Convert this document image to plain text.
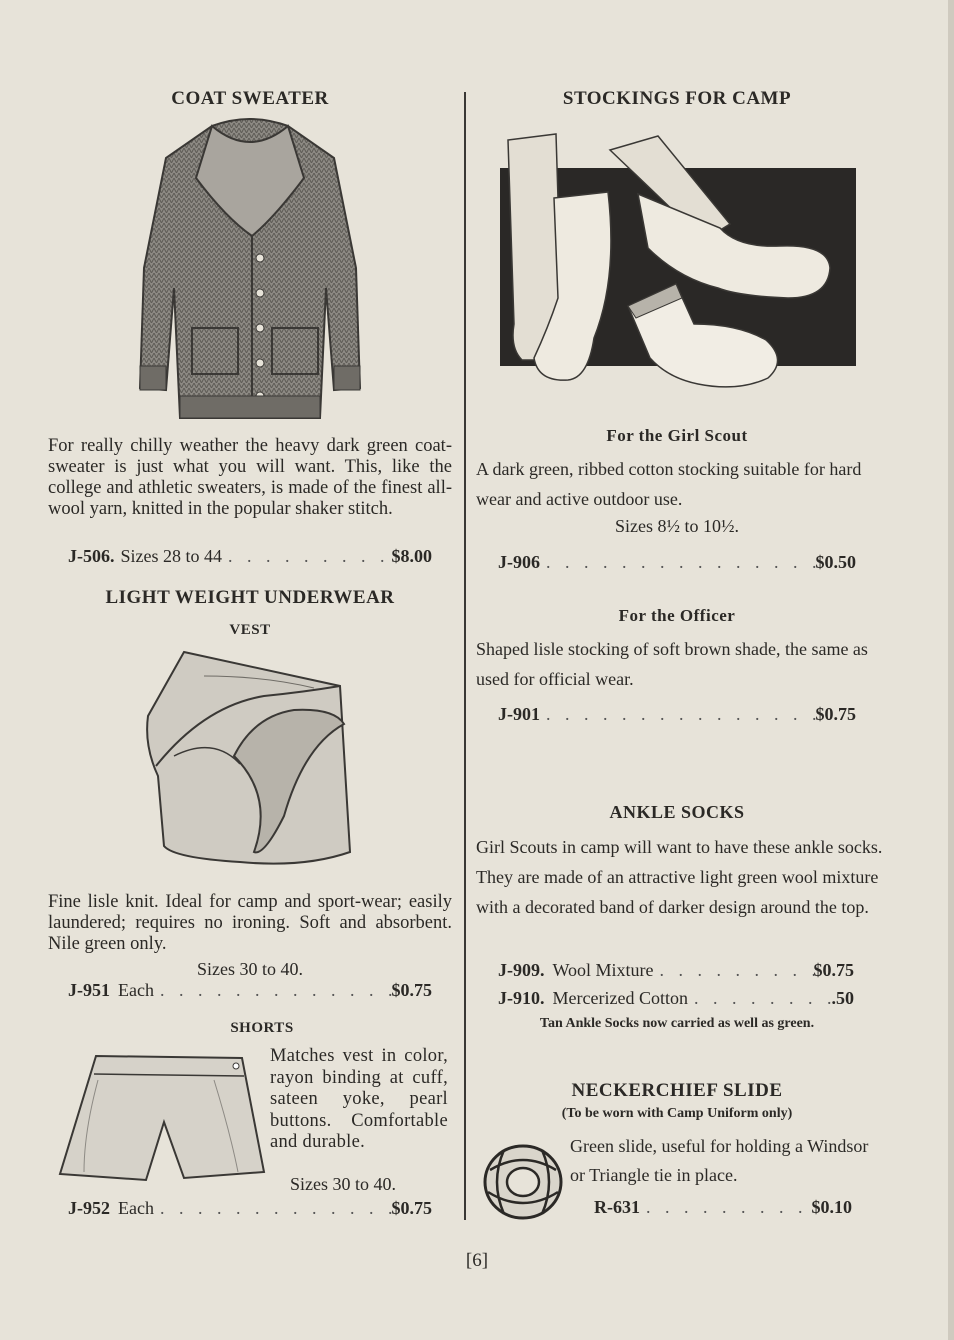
COAT SWEATER
For really chilly weather the heavy dark green coat-sweater is just what you will want. This, like the college and athletic sweaters, is made of the finest all-wool yarn, knitted in the popular shaker stitch.
J-506. Sizes 28 to 44 . . .	$8.00
LIGHT WEIGHT UNDERWEAR
VEST
Fine lisle knit. Ideal for camp and sport-wear; easily laundered; requires no ironing. Soft and absorbent. Nile green only.
Sizes 30 to 40.
J-951 Each . . .	$0.75
SHORTS
Matches vest in color, rayon binding at cuff, sateen yoke, pearl buttons. Comfortable and durable.
Sizes 30 to 40.
J-952 Each . . .	$0.75
STOCKINGS FOR CAMP
For the Girl Scout
A dark green, ribbed cotton stocking suitable for hard wear and active outdoor use.
Sizes 8½ to 10½.
J-906 . . .	$0.50
For the Officer
Shaped lisle stocking of soft brown shade, the same as used for official wear.
J-901 . . .	$0.75
ANKLE SOCKS
Girl Scouts in camp will want to have these ankle socks. They are made of an attractive light green wool mixture with a decorated band of darker design around the top.
J-909. Wool Mixture . . .	$0.75
J-910. Mercerized Cotton . . .	.50
Tan Ankle Socks now carried as well as green.
NECKERCHIEF SLIDE
(To be worn with Camp Uniform only)
Green slide, useful for holding a Windsor or Triangle tie in place.
R-631 . . .	$0.10
[6]
